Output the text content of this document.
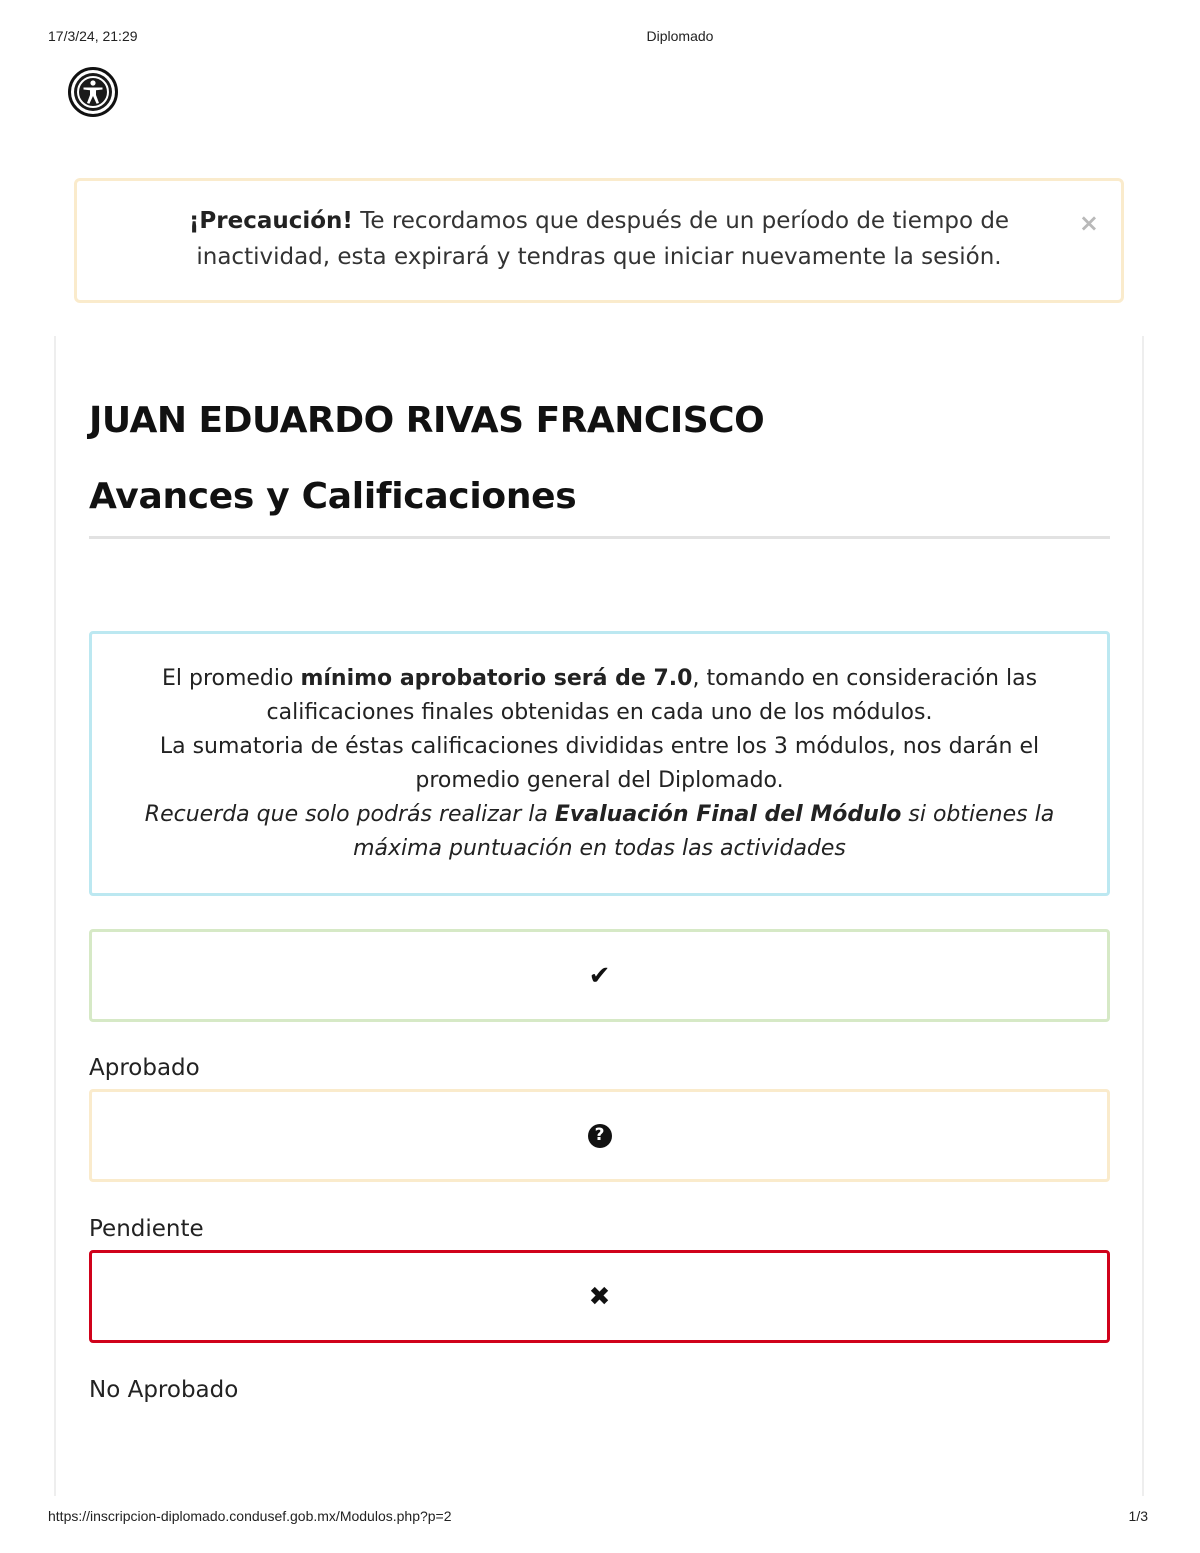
17/3/24, 21:29	Diplomado
¡Precaución! Te recordamos que después de un período de tiempo de inactividad, esta expirará y tendras que iniciar nuevamente la sesión.
×
JUAN EDUARDO RIVAS FRANCISCO
Avances y Calificaciones
El promedio mínimo aprobatorio será de 7.0, tomando en consideración las calificaciones finales obtenidas en cada uno de los módulos.
La sumatoria de éstas calificaciones divididas entre los 3 módulos, nos darán el promedio general del Diplomado.
Recuerda que solo podrás realizar la Evaluación Final del Módulo si obtienes la máxima puntuación en todas las actividades
✔
Aprobado
?
Pendiente
✖
No Aprobado
https://inscripcion-diplomado.condusef.gob.mx/Modulos.php?p=2	1/3
